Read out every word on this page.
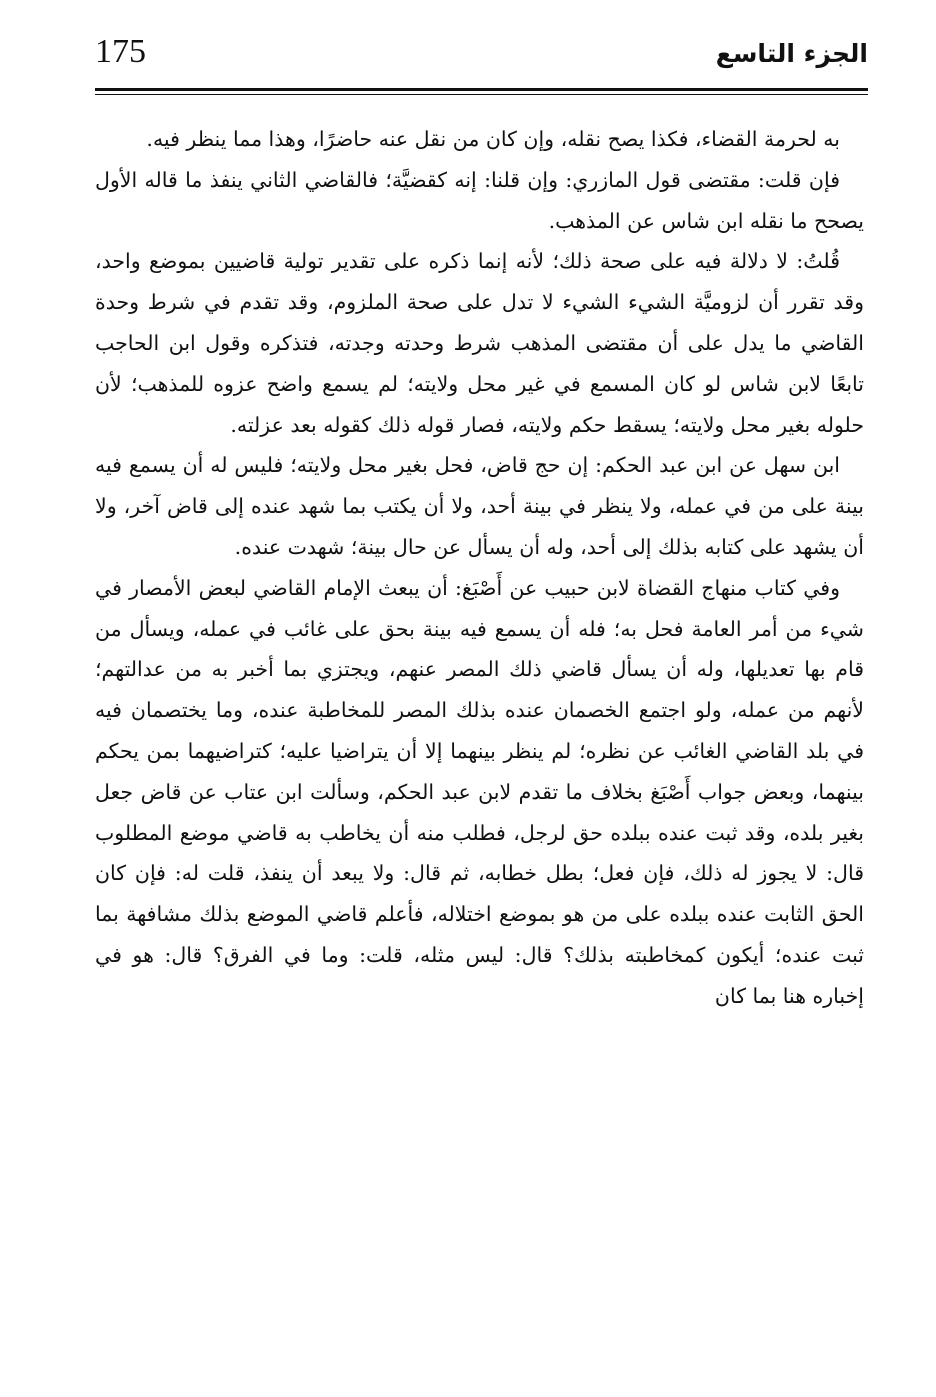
175	الجزء التاسع

به لحرمة القضاء، فكذا يصح نقله، وإن كان من نقل عنه حاضرًا، وهذا مما ينظر فيه.

فإن قلت: مقتضى قول المازري: وإن قلنا: إنه كقضيَّة؛ فالقاضي الثاني ينفذ ما قاله الأول يصحح ما نقله ابن شاس عن المذهب.

قُلتُ: لا دلالة فيه على صحة ذلك؛ لأنه إنما ذكره على تقدير تولية قاضيين بموضع واحد، وقد تقرر أن لزوميَّة الشيء الشيء لا تدل على صحة الملزوم، وقد تقدم في شرط وحدة القاضي ما يدل على أن مقتضى المذهب شرط وحدته وجدته، فتذكره وقول ابن الحاجب تابعًا لابن شاس لو كان المسمع في غير محل ولايته؛ لم يسمع واضح عزوه للمذهب؛ لأن حلوله بغير محل ولايته؛ يسقط حكم ولايته، فصار قوله ذلك كقوله بعد عزلته.

ابن سهل عن ابن عبد الحكم: إن حج قاض، فحل بغير محل ولايته؛ فليس له أن يسمع فيه بينة على من في عمله، ولا ينظر في بينة أحد، ولا أن يكتب بما شهد عنده إلى قاض آخر، ولا أن يشهد على كتابه بذلك إلى أحد، وله أن يسأل عن حال بينة؛ شهدت عنده.

وفي كتاب منهاج القضاة لابن حبيب عن أَصْبَغ: أن يبعث الإمام القاضي لبعض الأمصار في شيء من أمر العامة فحل به؛ فله أن يسمع فيه بينة بحق على غائب في عمله، ويسأل من قام بها تعديلها، وله أن يسأل قاضي ذلك المصر عنهم، ويجتزي بما أخبر به من عدالتهم؛ لأنهم من عمله، ولو اجتمع الخصمان عنده بذلك المصر للمخاطبة عنده، وما يختصمان فيه في بلد القاضي الغائب عن نظره؛ لم ينظر بينهما إلا أن يتراضيا عليه؛ كتراضيهما بمن يحكم بينهما، وبعض جواب أَصْبَغ بخلاف ما تقدم لابن عبد الحكم، وسألت ابن عتاب عن قاض جعل بغير بلده، وقد ثبت عنده ببلده حق لرجل، فطلب منه أن يخاطب به قاضي موضع المطلوب قال: لا يجوز له ذلك، فإن فعل؛ بطل خطابه، ثم قال: ولا يبعد أن ينفذ، قلت له: فإن كان الحق الثابت عنده ببلده على من هو بموضع اختلاله، فأعلم قاضي الموضع بذلك مشافهة بما ثبت عنده؛ أيكون كمخاطبته بذلك؟ قال: ليس مثله، قلت: وما في الفرق؟ قال: هو في إخباره هنا بما كان
